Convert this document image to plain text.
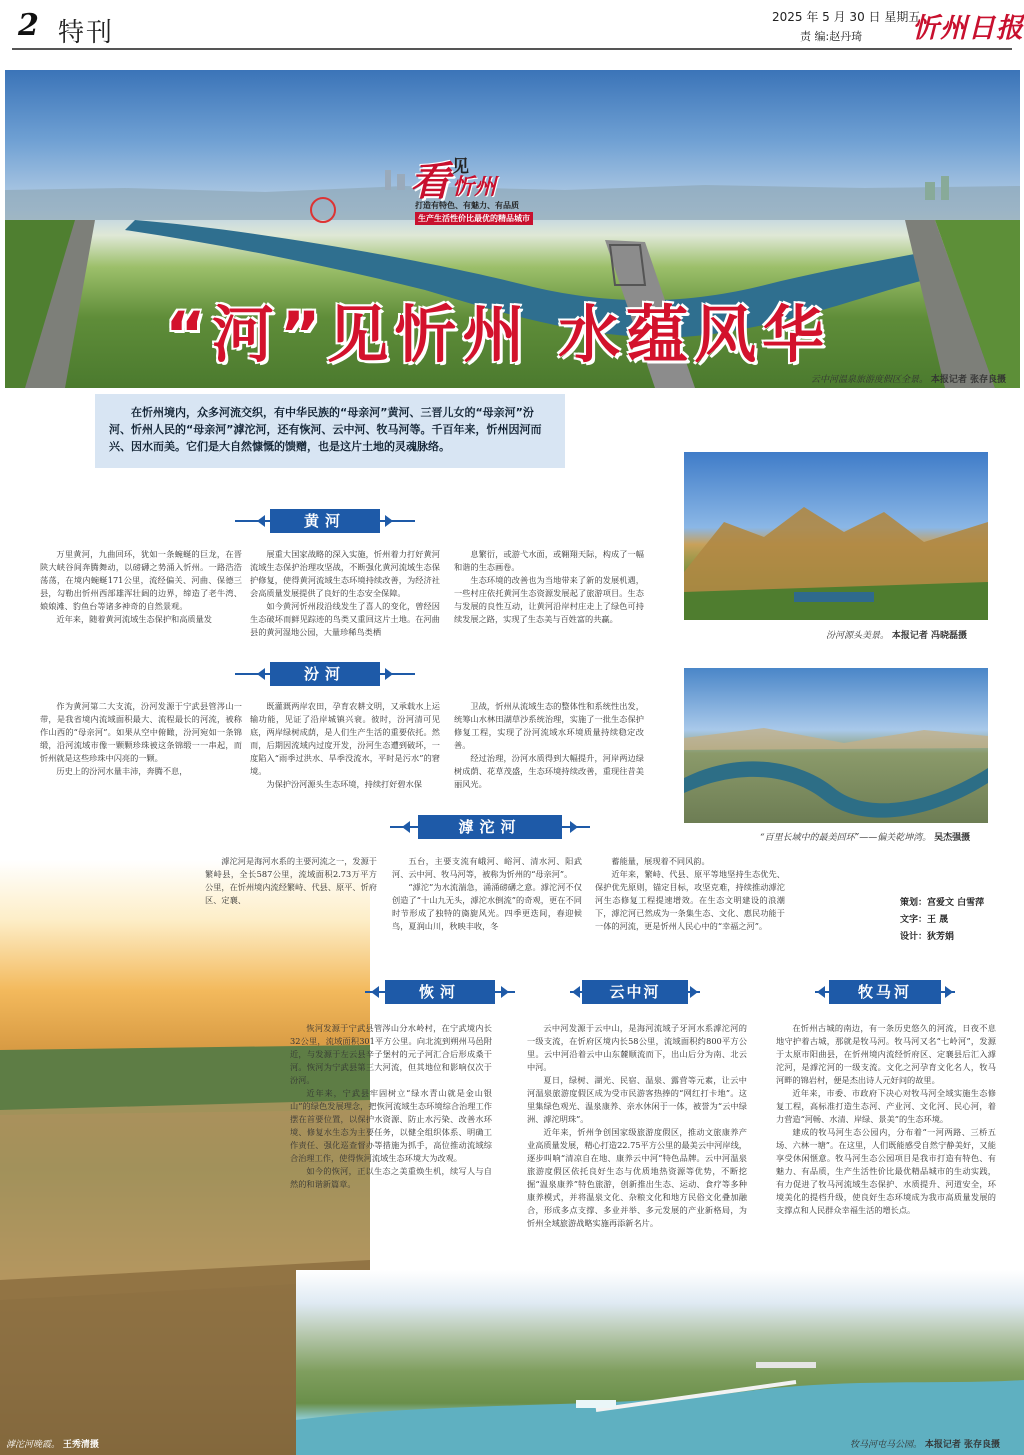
2 特刊
2025 年 5 月 30 日 星期五
责 编:赵丹琦 忻州日报
看 见
忻州
打造有特色、有魅力、有品质
生产生活性价比最优的精品城市
“河”见忻州 水蕴风华
云中河温泉旅游度假区全景。 本报记者 张存良摄
在忻州境内，众多河流交织，有中华民族的“母亲河”黄河、三晋儿女的“母亲河”汾河、忻州人民的“母亲河”滹沱河，还有恢河、云中河、牧马河等。千百年来，忻州因河而兴、因水而美。它们是大自然慷慨的馈赠，也是这片土地的灵魂脉络。
汾河源头美景。 本报记者 冯晓磊摄
“百里长域中的最美回环”——偏关乾坤湾。 吴杰强摄
滹沱河晚霞。 王秀清摄	牧马河屯马公园。 本报记者 张存良摄
黄河

万里黄河，九曲回环，犹如一条蜿蜒的巨龙，在晋陕大峡谷间奔腾舞动，以磅礴之势涌入忻州。一路浩浩荡荡，在境内蜿蜒171公里，流经偏关、河曲、保德三县，勾勒出忻州西部雄浑壮阔的边界，缔造了老牛湾、娘娘滩、豹鱼台等诸多神奇的自然景观。

近年来，随着黄河流域生态保护和高质量发

展重大国家战略的深入实施，忻州着力打好黄河流域生态保护治理攻坚战，不断强化黄河流域生态保护修复，使得黄河流域生态环境持续改善，为经济社会高质量发展提供了良好的生态安全保障。

如今黄河忻州段沿线发生了喜人的变化，曾经因生态破坏而鲜见踪迹的鸟类又重回这片土地。在河曲县的黄河湿地公园，大量珍稀鸟类栖

息繁衍，或游弋水面，或翱翔天际，构成了一幅和谐的生态画卷。

生态环境的改善也为当地带来了新的发展机遇，一些村庄依托黄河生态资源发展起了旅游项目。生态与发展的良性互动，让黄河沿岸村庄走上了绿色可持续发展之路，实现了生态美与百姓富的共赢。

汾河

作为黄河第二大支流，汾河发源于宁武县管涔山一带，是我省境内流域面积最大、流程最长的河流，被称作山西的“母亲河”。如果从空中俯瞰，汾河宛如一条锦缎，沿河流域市像一颗颗珍珠被这条锦缎一一串起，而忻州就是这些珍珠中闪亮的一颗。

历史上的汾河水量丰沛，奔腾不息，

既灌溉两岸农田，孕育农耕文明，又承载水上运输功能，见证了沿岸城镇兴衰。彼时，汾河清可见底，两岸绿树成荫，是人们生产生活的重要依托。然而，后期因流域内过度开发，汾河生态遭到破坏，一度陷入“雨季过洪水、旱季没流水，平时是污水”的窘境。

为保护汾河源头生态环境，持续打好碧水保

卫战，忻州从流域生态的整体性和系统性出发，统筹山水林田湖草沙系统治理，实施了一批生态保护修复工程，实现了汾河流域水环境质量持续稳定改善。

经过治理，汾河水质得到大幅提升，河岸两边绿树成荫、花草茂盛，生态环境持续改善，重现往昔美丽风光。

滹沱河

滹沱河是海河水系的主要河流之一，发源于繁峙县，全长587公里，流域面积2.73万平方公里，在忻州境内流经繁峙、代县、原平、忻府区、定襄、

五台，主要支流有峨河、峪河、清水河、阳武河、云中河、牧马河等，被称为忻州的“母亲河”。

“滹沱”为水流湍急，涌涌磅礴之意。滹沱河不仅创造了“十山九无头，滹沱水倒流”的奇观，更在不同时节形成了独特的旖旎风光。四季更迭间，春迎候鸟，夏润山川，秋映丰收，冬

蓄能量，展现着不同风韵。

近年来，繁峙、代县、原平等地坚持生态优先、保护优先原则，锚定目标，攻坚克难，持续推动滹沱河生态修复工程提速增效。在生态文明建设的浪潮下，滹沱河已然成为一条集生态、文化、惠民功能于一体的河流，更是忻州人民心中的“幸福之河”。

策划：宫爱文 白雪萍
文字：王 晟
设计：狄芳娟
恢河

恢河发源于宁武县管涔山分水岭村，在宁武境内长32公里，流域面积301平方公里。向北流到朔州马邑附近，与发源于左云县辛子堡村的元子河汇合后形成桑干河。恢河为宁武县第三大河流，但其地位和影响仅次于汾河。

近年来，宁武县牢固树立“绿水青山就是金山银山”的绿色发展理念，把恢河流域生态环境综合治理工作摆在首要位置，以保护水资源、防止水污染、改善水环境、修复水生态为主要任务，以健全组织体系、明确工作责任、强化巡查督办等措施为抓手，高位推动流域综合治理工作，使得恢河流域生态环境大为改观。

如今的恢河，正以生态之美重焕生机，续写人与自然的和谐新篇章。

云中河

云中河发源于云中山，是海河流域子牙河水系滹沱河的一级支流，在忻府区境内长58公里，流域面积约800平方公里。云中河沿着云中山东麓顺流而下，出山后分为南、北云中河。

夏日，绿树、湖光、民宿、温泉、露营等元素，让云中河温泉旅游度假区成为受市民游客热捧的“网红打卡地”。这里集绿色观光、温泉康养、亲水休闲于一体，被誉为“云中绿洲、滹沱明珠”。

近年来，忻州争创国家级旅游度假区，推动文旅康养产业高质量发展，精心打造22.75平方公里的最美云中河岸线，逐步叫响“清凉自在地、康养云中河”特色品牌。云中河温泉旅游度假区依托良好生态与优质地热资源等优势，不断挖掘“温泉康养”特色旅游，创新推出生态、运动、食疗等多种康养模式，并将温泉文化、杂粮文化和地方民俗文化叠加融合，形成多点支撑、多业并举、多元发展的产业新格局，为忻州全域旅游战略实施再添新名片。

牧马河

在忻州古城的南边，有一条历史悠久的河流，日夜不息地守护着古城，那就是牧马河。牧马河又名“七岭河”，发源于太原市阳曲县，在忻州境内流经忻府区、定襄县后汇入滹沱河，是滹沱河的一级支流。文化之河孕育文化名人，牧马河畔的锦岩村，便是杰出诗人元好问的故里。

近年来，市委、市政府下决心对牧马河全域实施生态修复工程，高标准打造生态河、产业河、文化河、民心河，着力营造“河畅、水清、岸绿、景美”的生态环境。

建成的牧马河生态公园内，分布着“一河两路、三桥五场、六林一塘”。在这里，人们既能感受自然宁静美好，又能享受休闲惬意。牧马河生态公园项目是我市打造有特色、有魅力、有品质，生产生活性价比最优精品城市的生动实践，有力促进了牧马河流域生态保护、水质提升、河道安全，环境美化的提档升级，使良好生态环境成为我市高质量发展的支撑点和人民群众幸福生活的增长点。
